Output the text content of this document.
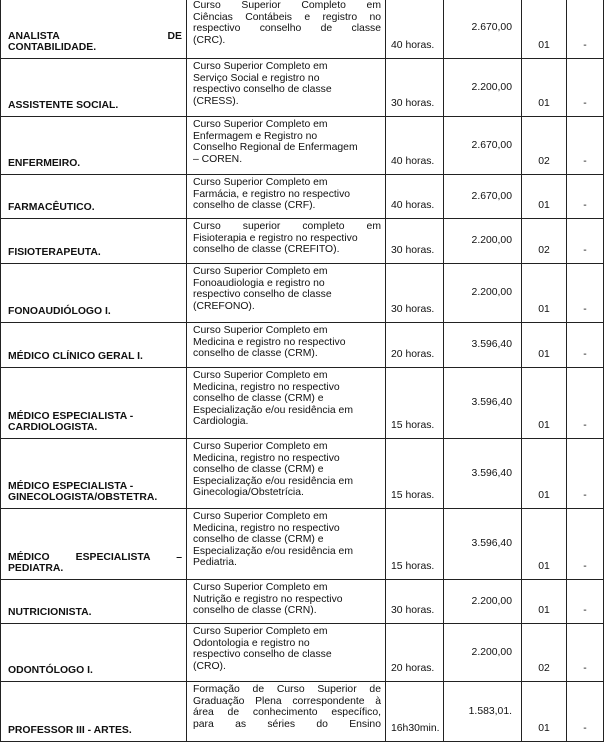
ANALISTA DE
CONTABILIDADE.	Curso Superior Completo em
Ciências Contábeis e registro no
respectivo conselho de classe
(CRC).	40 horas.	2.670,00	01	-

ASSISTENTE SOCIAL.	Curso Superior Completo em
Serviço Social e registro no
respectivo conselho de classe
(CRESS).	30 horas.	2.200,00	01	-

ENFERMEIRO.	Curso Superior Completo em
Enfermagem e Registro no
Conselho Regional de Enfermagem
– COREN.	40 horas.	2.670,00	02	-

FARMACÊUTICO.	Curso Superior Completo em
Farmácia, e registro no respectivo
conselho de classe (CRF).	40 horas.	2.670,00	01	-

FISIOTERAPEUTA.	Curso superior completo em
Fisioterapia e registro no respectivo
conselho de classe (CREFITO).	30 horas.	2.200,00	02	-

FONOAUDIÓLOGO I.	Curso Superior Completo em
Fonoaudiologia e registro no
respectivo conselho de classe
(CREFONO).	30 horas.	2.200,00	01	-

MÉDICO CLÍNICO GERAL I.	Curso Superior Completo em
Medicina e registro no respectivo
conselho de classe (CRM).	20 horas.	3.596,40	01	-

MÉDICO ESPECIALISTA -
CARDIOLOGISTA.	Curso Superior Completo em
Medicina, registro no respectivo
conselho de classe (CRM) e
Especialização e/ou residência em
Cardiologia.	15 horas.	3.596,40	01	-

MÉDICO ESPECIALISTA -
GINECOLOGISTA/OBSTETRA.	Curso Superior Completo em
Medicina, registro no respectivo
conselho de classe (CRM) e
Especialização e/ou residência em
Ginecologia/Obstetrícia.	15 horas.	3.596,40	01	-

MÉDICO ESPECIALISTA –
PEDIATRA.	Curso Superior Completo em
Medicina, registro no respectivo
conselho de classe (CRM) e
Especialização e/ou residência em
Pediatria.	15 horas.	3.596,40	01	-

NUTRICIONISTA.	Curso Superior Completo em
Nutrição e registro no respectivo
conselho de classe (CRN).	30 horas.	2.200,00	01	-

ODONTÓLOGO I.	Curso Superior Completo em
Odontologia e registro no
respectivo conselho de classe
(CRO).	20 horas.	2.200,00	02	-

PROFESSOR III - ARTES.	Formação de Curso Superior de
Graduação Plena correspondente à
área de conhecimento específico,
para as séries do Ensino	16h30min.	1.583,01.	01	-
